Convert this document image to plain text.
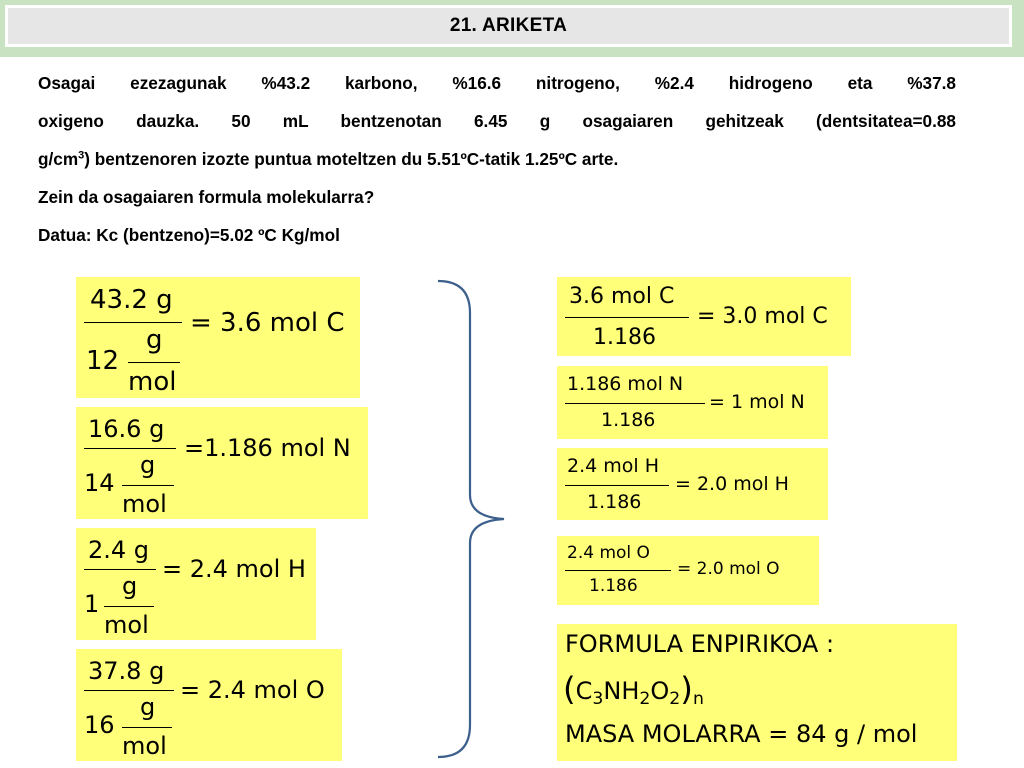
21. ARIKETA

Osagai ezezagunak %43.2 karbono, %16.6 nitrogeno, %2.4 hidrogeno eta %37.8

oxigeno dauzka. 50 mL bentzenotan 6.45 g osagaiaren gehitzeak (dentsitatea=0.88

$g/cm^3$) bentzenoren izozte puntua moteltzen du 5.51ºC-tatik 1.25ºC arte.

Zein da osagaiaren formula molekularra?

Datua: Kc (bentzeno)=5.02 ºC Kg/mol

43.2 g
12
g
mol
= 3.6 mol C
16.6 g
14
g
mol
=1.186 mol N
2.4 g
1
g
mol
= 2.4 mol H
37.8 g
16
g
mol
= 2.4 mol O
3.6 mol C
1.186
= 3.0 mol C
1.186 mol N
1.186
= 1 mol N
2.4 mol H
1.186
= 2.0 mol H
2.4 mol O
1.186
= 2.0 mol O
FORMULA ENPIRIKOA :
$(C_3NH_2O_2)_n$
MASA MOLARRA = 84 g / mol
